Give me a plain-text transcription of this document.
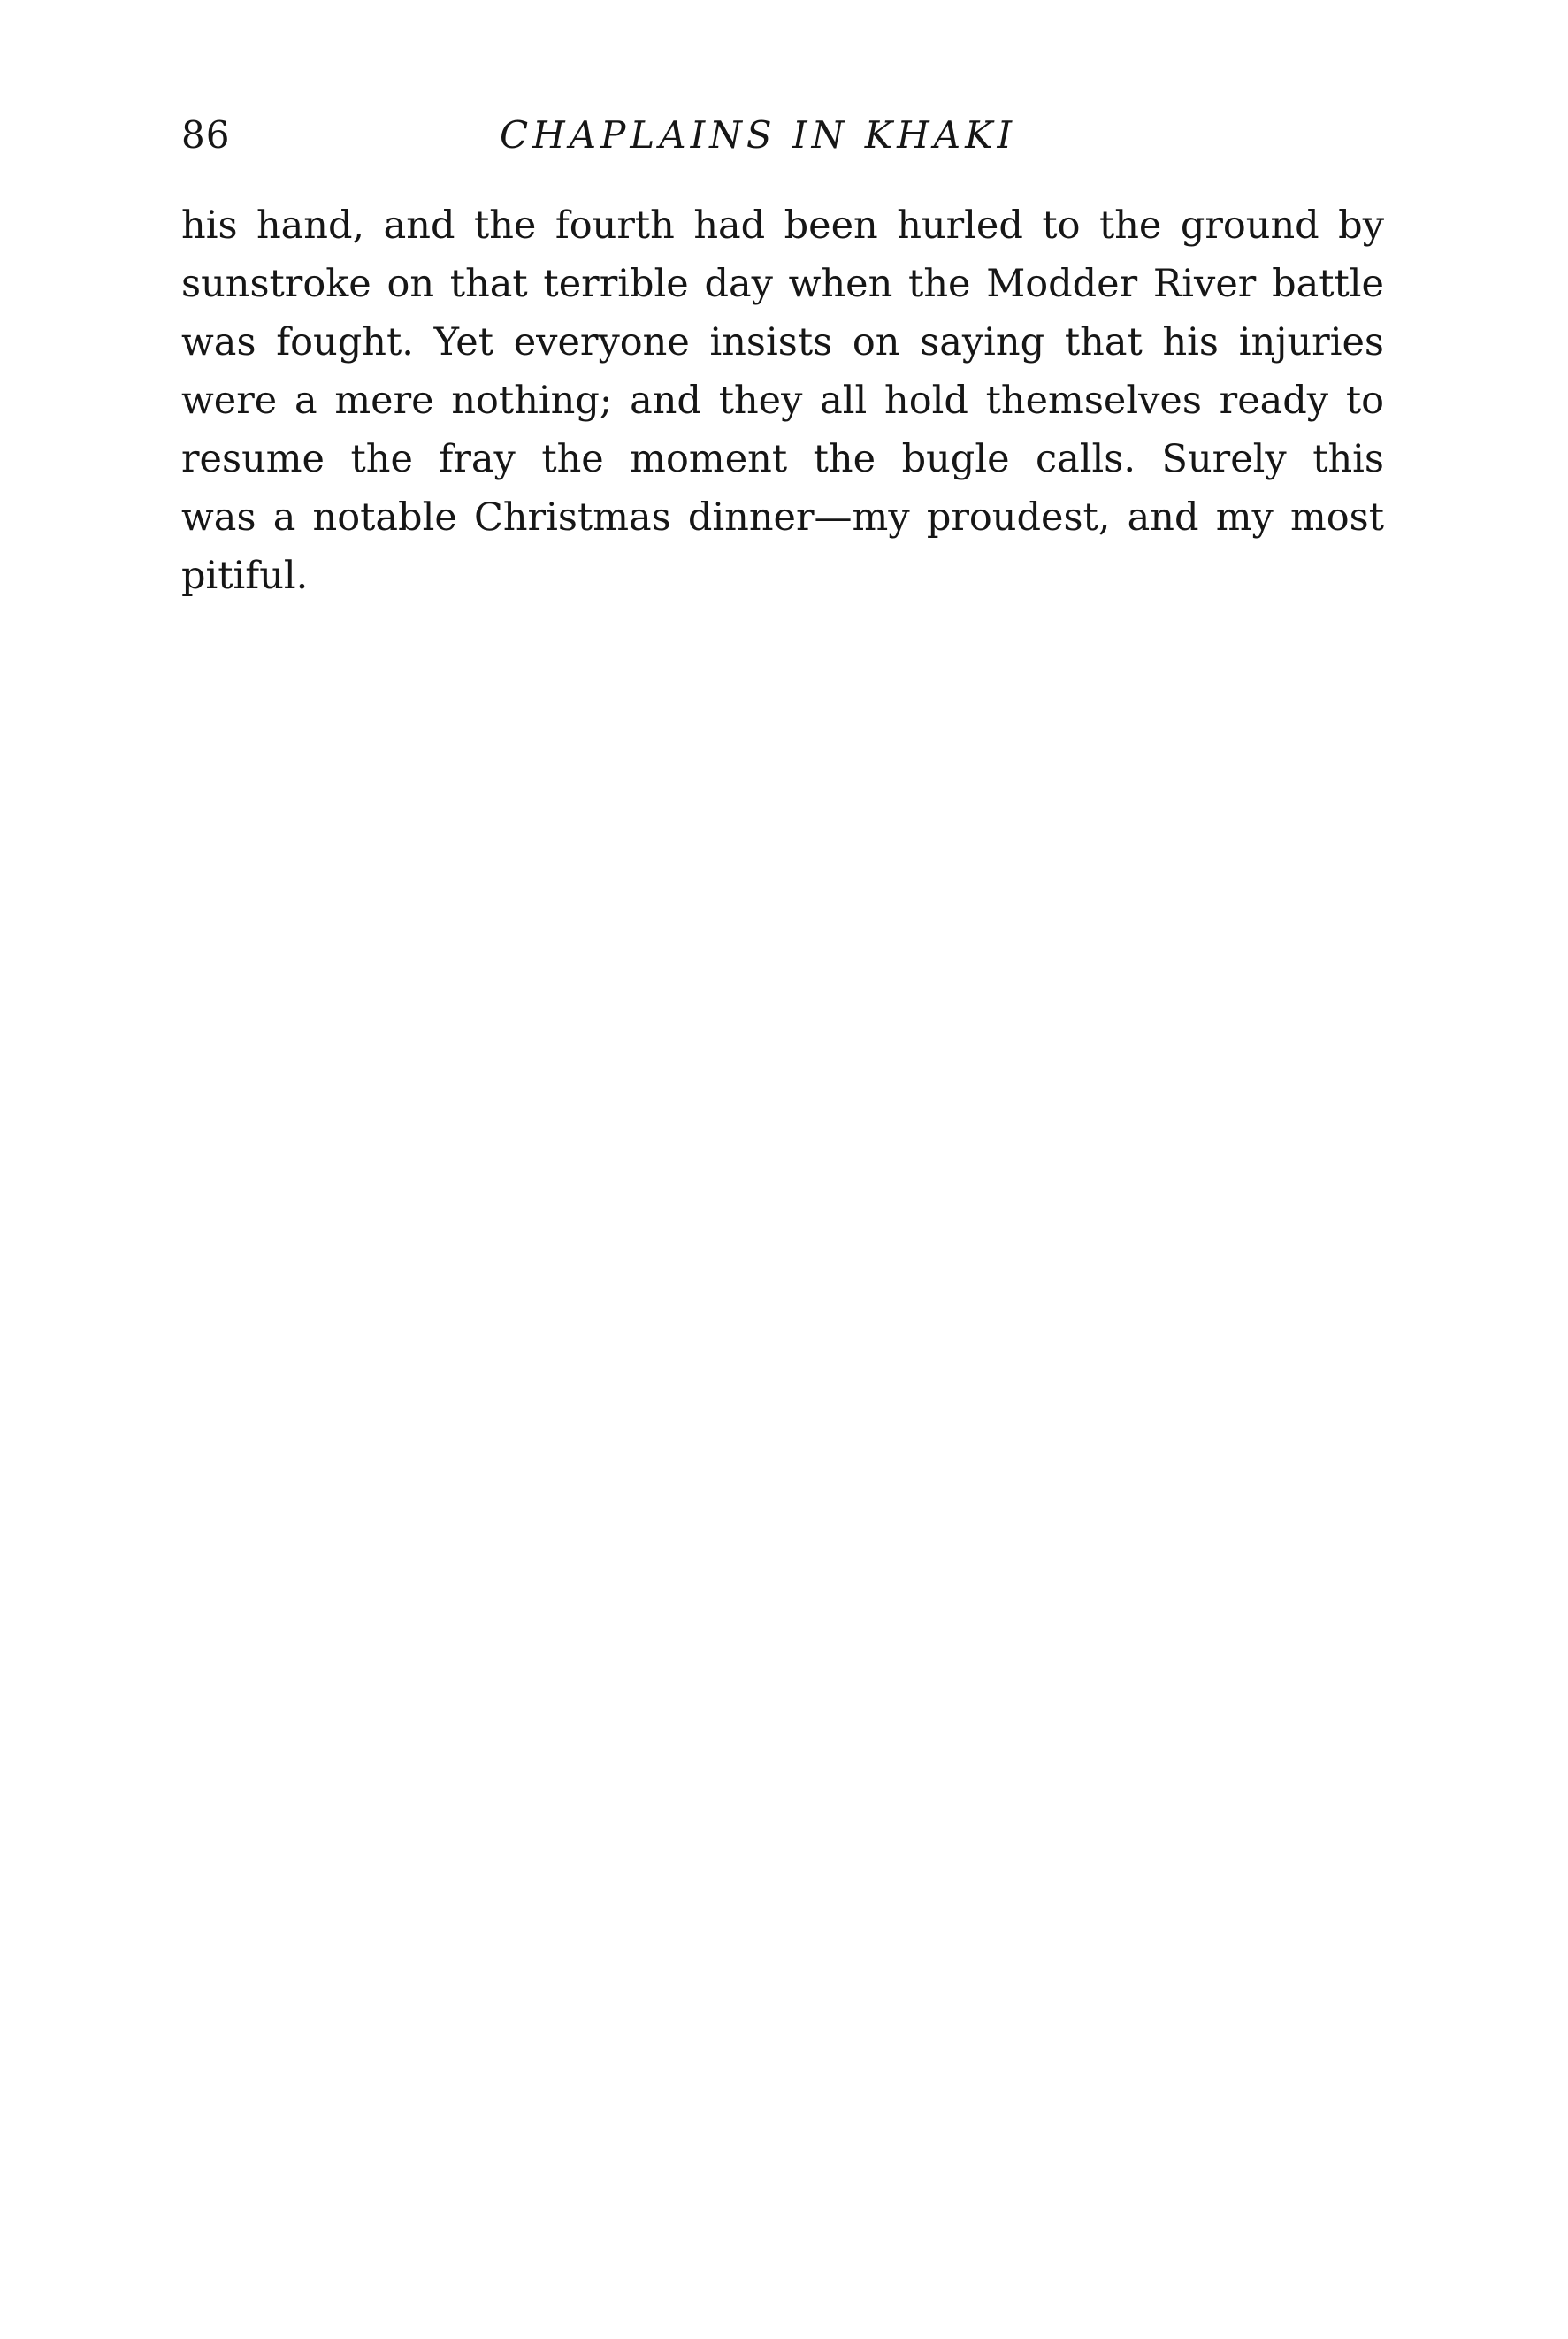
86	CHAPLAINS IN KHAKI
his hand, and the fourth had been hurled to the ground by
sunstroke on that terrible day when the Modder River battle
was fought. Yet everyone insists on saying that his injuries
were a mere nothing; and they all hold themselves ready to
resume the fray the moment the bugle calls. Surely this
was a notable Christmas dinner—my proudest, and my most
pitiful.
